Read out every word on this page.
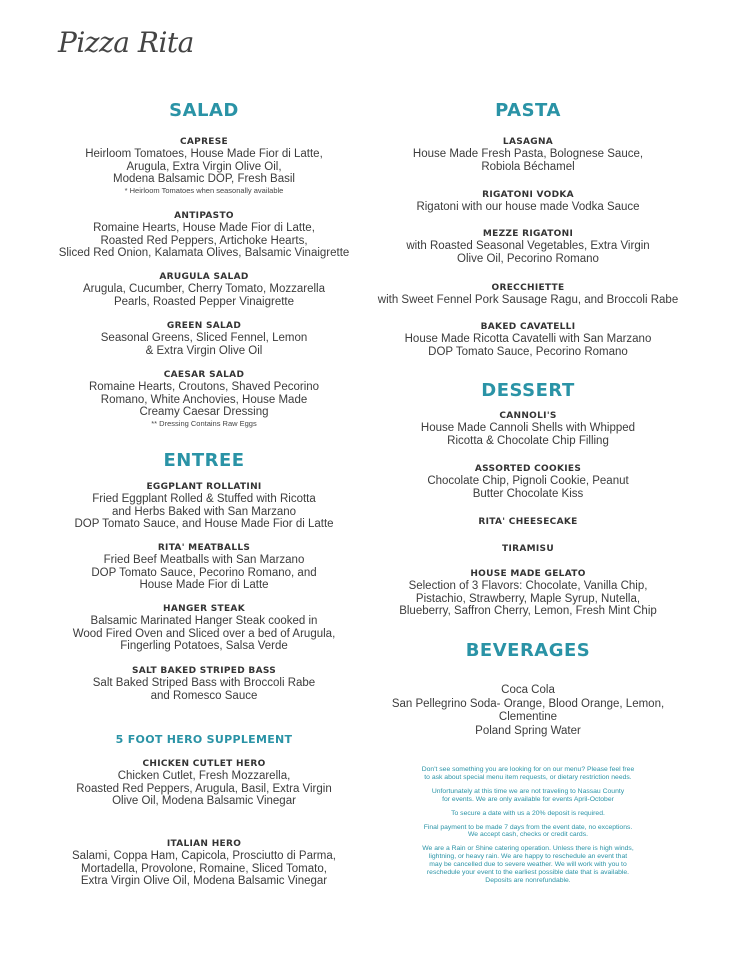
Pizza Rita
SALAD
CAPRESE
Heirloom Tomatoes, House Made Fior di Latte,
Arugula, Extra Virgin Olive Oil,
Modena Balsamic DOP, Fresh Basil
* Heirloom Tomatoes when seasonally available
ANTIPASTO
Romaine Hearts, House Made Fior di Latte,
Roasted Red Peppers, Artichoke Hearts,
Sliced Red Onion, Kalamata Olives, Balsamic Vinaigrette
ARUGULA SALAD
Arugula, Cucumber, Cherry Tomato, Mozzarella
Pearls, Roasted Pepper Vinaigrette
GREEN SALAD
Seasonal Greens, Sliced Fennel, Lemon
& Extra Virgin Olive Oil
CAESAR SALAD
Romaine Hearts, Croutons, Shaved Pecorino
Romano, White Anchovies, House Made
Creamy Caesar Dressing
** Dressing Contains Raw Eggs
ENTREE
EGGPLANT ROLLATINI
Fried Eggplant Rolled & Stuffed with Ricotta
and Herbs Baked with San Marzano
DOP Tomato Sauce, and House Made Fior di Latte
RITA' MEATBALLS
Fried Beef Meatballs with San Marzano
DOP Tomato Sauce, Pecorino Romano, and
House Made Fior di Latte
HANGER STEAK
Balsamic Marinated Hanger Steak cooked in
Wood Fired Oven and Sliced over a bed of Arugula,
Fingerling Potatoes, Salsa Verde
SALT BAKED STRIPED BASS
Salt Baked Striped Bass with Broccoli Rabe
and Romesco Sauce
5 FOOT HERO SUPPLEMENT
CHICKEN CUTLET HERO
Chicken Cutlet, Fresh Mozzarella,
Roasted Red Peppers, Arugula, Basil, Extra Virgin
Olive Oil, Modena Balsamic Vinegar
ITALIAN HERO
Salami, Coppa Ham, Capicola, Prosciutto di Parma,
Mortadella, Provolone, Romaine, Sliced Tomato,
Extra Virgin Olive Oil, Modena Balsamic Vinegar
PASTA
LASAGNA
House Made Fresh Pasta, Bolognese Sauce,
Robiola Béchamel
RIGATONI VODKA
Rigatoni with our house made Vodka Sauce
MEZZE RIGATONI
with Roasted Seasonal Vegetables, Extra Virgin
Olive Oil, Pecorino Romano
ORECCHIETTE
with Sweet Fennel Pork Sausage Ragu, and Broccoli Rabe
BAKED CAVATELLI
House Made Ricotta Cavatelli with San Marzano
DOP Tomato Sauce, Pecorino Romano
DESSERT
CANNOLI'S
House Made Cannoli Shells with Whipped
Ricotta & Chocolate Chip Filling
ASSORTED COOKIES
Chocolate Chip, Pignoli Cookie, Peanut
Butter Chocolate Kiss
RITA' CHEESECAKE
TIRAMISU
HOUSE MADE GELATO
Selection of 3 Flavors: Chocolate, Vanilla Chip,
Pistachio, Strawberry, Maple Syrup, Nutella,
Blueberry, Saffron Cherry, Lemon, Fresh Mint Chip
BEVERAGES
Coca Cola
San Pellegrino Soda- Orange, Blood Orange, Lemon,
Clementine
Poland Spring Water
Don't see something you are looking for on our menu? Please feel free
to ask about special menu item requests, or dietary restriction needs.
Unfortunately at this time we are not traveling to Nassau County
for events. We are only available for events April-October
To secure a date with us a 20% deposit is required.
Final payment to be made 7 days from the event date, no exceptions.
We accept cash, checks or credit cards.
We are a Rain or Shine catering operation. Unless there is high winds,
lightning, or heavy rain. We are happy to reschedule an event that
may be cancelled due to severe weather. We will work with you to
reschedule your event to the earliest possible date that is available.
Deposits are nonrefundable.
